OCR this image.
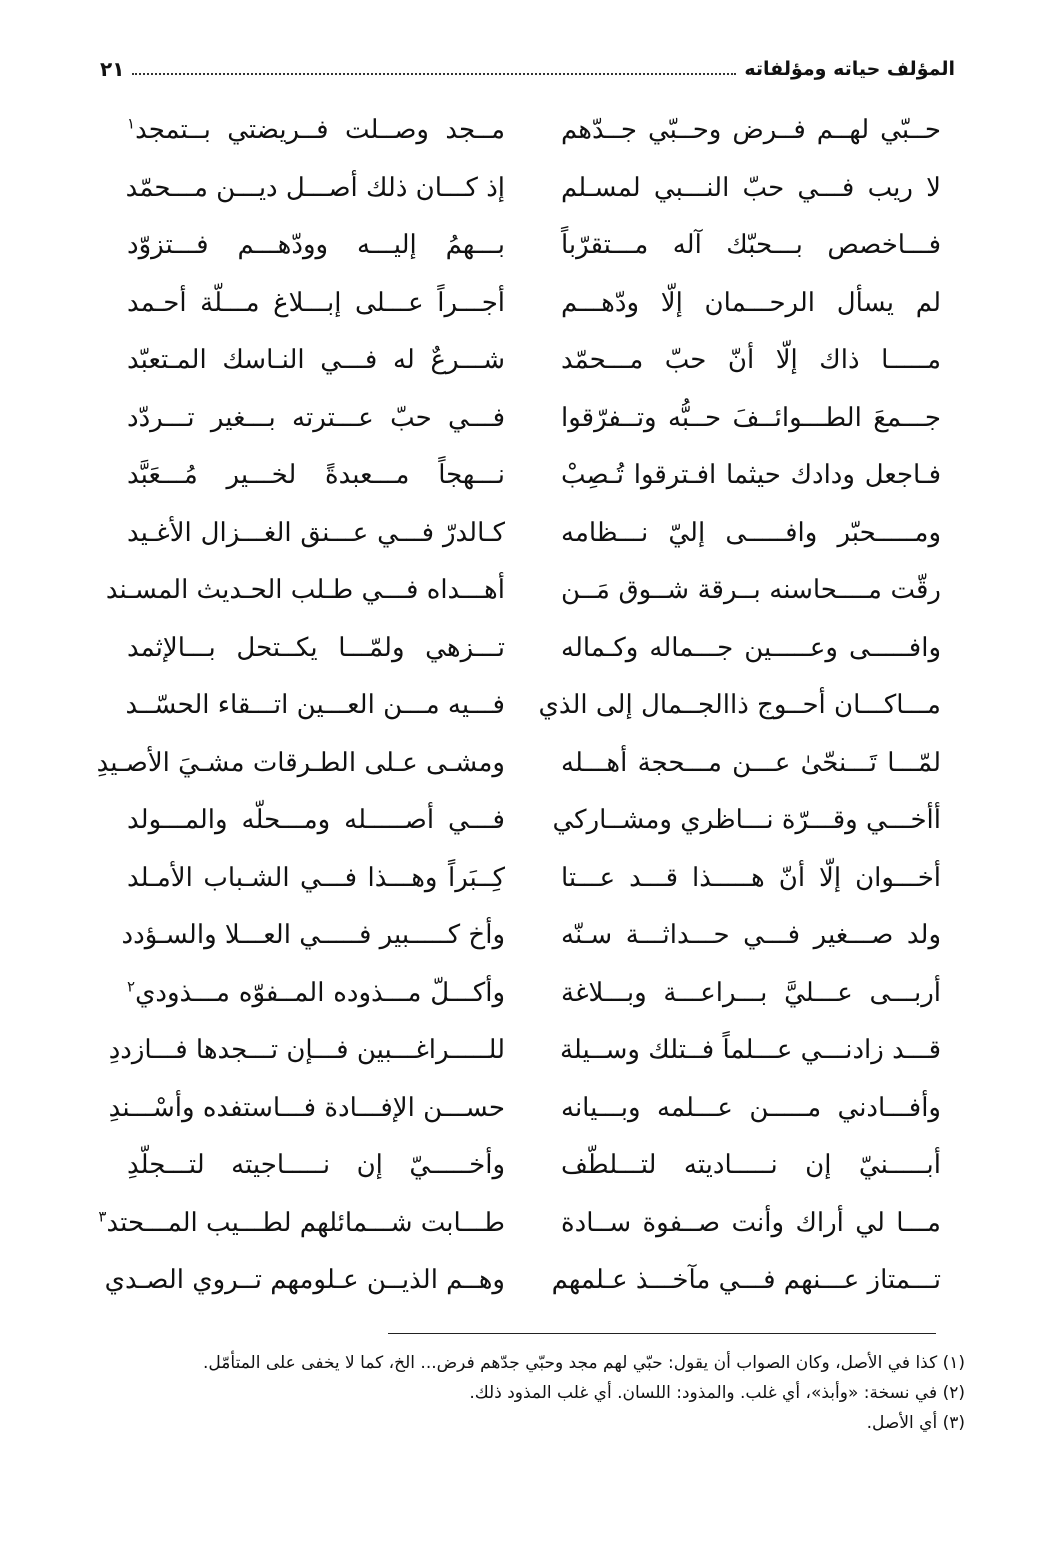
المؤلف حياته ومؤلفاته
٢١
حــبّي لهــم فــرض وحــبّي جــدّهم
مــجد وصــلت فــريضتي بــتمجد$^١$
لا ريب فـــي حبّ النـــبي لمسـلم
إذ كـــان ذلك أصـــل ديـــن مـــحمّد
فـــاخصص بـــحبّك آله مـــتقرّباً
بـــهمُ إليـــه وودّهـــم فـــتزوّد
لم يسأل الرحـــمان إلّا ودّهـــم
أجـــراً عـــلى إبـــلاغ مـــلّة أحـمد
مـــــا ذاك إلّا أنّ حبّ مـــحمّد
شـــرعٌ له فـــي النـاسك المـتعبّد
جـــمعَ الطـــوائــفَ حــبُّه وتــفرّقوا
فـــي حبّ عـــترته بـــغير تـــردّد
فـاجعل ودادك حيثما افـترقوا تُـصِبْ
نـــهجاً مـــعبدةً لخـــير مُـــعَبَّد
ومـــــحبّر وافـــــى إليّ نـــظامه
كـالدرّ فـــي عـــنق الغـــزال الأغـيد
رقّت مــــحاسنه بــرقة شــوق مَــن
أهـــداه فـــي طـلب الحـديث المسـند
وافـــــى وعـــــين جـــماله وكـماله
تـــزهي ولمّـــا يكــتحل بـــالإثمد
مـــاكـــان أحــوج ذاالجــمال إلى الذي
فـــيه مـــن العـــين اتـــقاء الحسّــد
لمّـــا تَـــنحّىٰ عـــن مـــحجة أهـــله
ومشـى عـلى الطـرقات مشـيَ الأصـيدِ
أأخـــي وقـــرّة نـــاظري ومشــاركي
فـــي أصـــــله ومـــحلّه والمـــولد
أخـــوان إلّا أنّ هـــــذا قـــد عـــتا
كِــبَراً وهـــذا فـــي الشـباب الأمـلد
ولد صـــغير فـــي حـــداثـــة سـنّه
وأخ كـــــبير فـــــي العـــلا والسـؤدد
أربـــى عـــليَّ بـــراعـــة وبـــلاغة
وأكـــلّ مـــذوده المــفوّه مـــذودي$^٢$
قـــد زادنـــي عـــلماً فــتلك وســيلة
للـــــراغـــبين فـــإن تـــجدها فـــازددِ
وأفـــادني مـــــن عـــلمه وبـــيانه
حســـن الإفـــادة فـــاستفده وأسْـــندِ
أبـــــنيّ إن نـــــاديته لتـــلطّف
وأخـــــيّ إن نـــــاجيته لتـــجلّدِ
مـــا لي أراك وأنت صــفوة ســادة
طـــابت شـــمائلهم لطـــيب المـــحتد$^٣$
تـــمتاز عـــنهم فـــي مآخـــذ عـلمهم
وهــم الذيــن عـلومهم تــروي الصـدي

(١) كذا في الأصل، وكان الصواب أن يقول: حبّي لهم مجد وحبّي جدّهم فرض... الخ، كما لا يخفى على المتأمّل.

(٢) في نسخة: «وأبذ»، أي غلب. والمذود: اللسان. أي غلب المذود ذلك.

(٣) أي الأصل.
